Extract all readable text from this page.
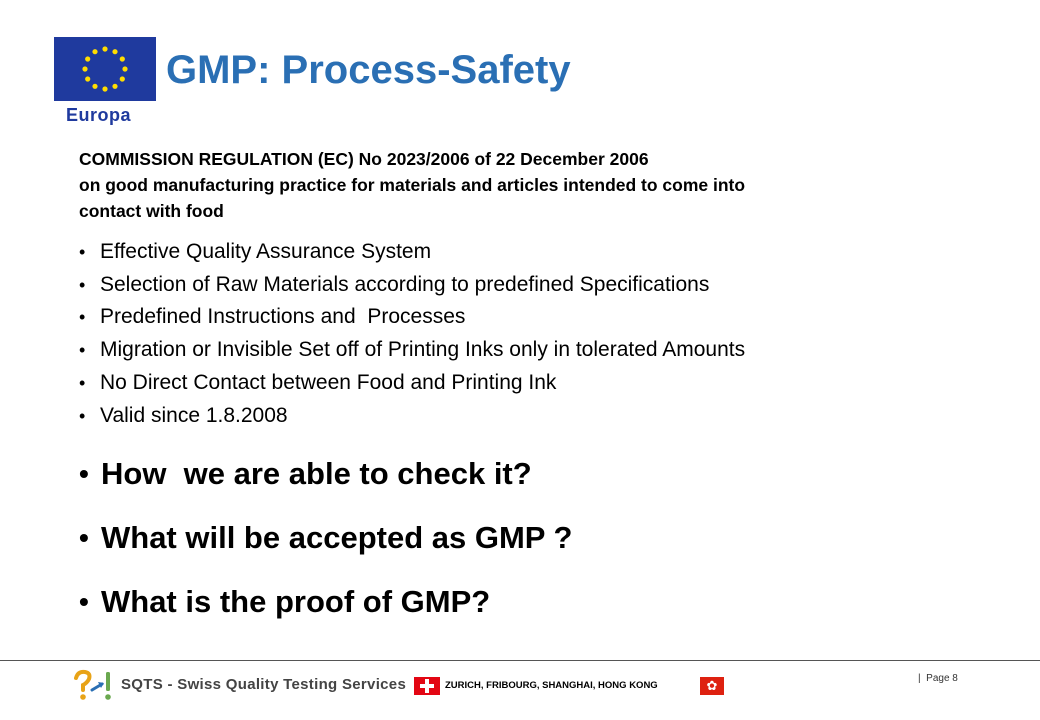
Europa
GMP: Process-Safety
COMMISSION REGULATION (EC) No 2023/2006 of 22 December 2006
on good manufacturing practice for materials and articles intended to come into
contact with food
• Effective Quality Assurance System
• Selection of Raw Materials according to predefined Specifications
• Predefined Instructions and  Processes
• Migration or Invisible Set off of Printing Inks only in tolerated Amounts
• No Direct Contact between Food and Printing Ink
• Valid since 1.8.2008
• How  we are able to check it?
• What will be accepted as GMP ?
• What is the proof of GMP?
SQTS - Swiss Quality Testing Services	ZURICH, FRIBOURG, SHANGHAI, HONG KONG	✿	|  Page 8
